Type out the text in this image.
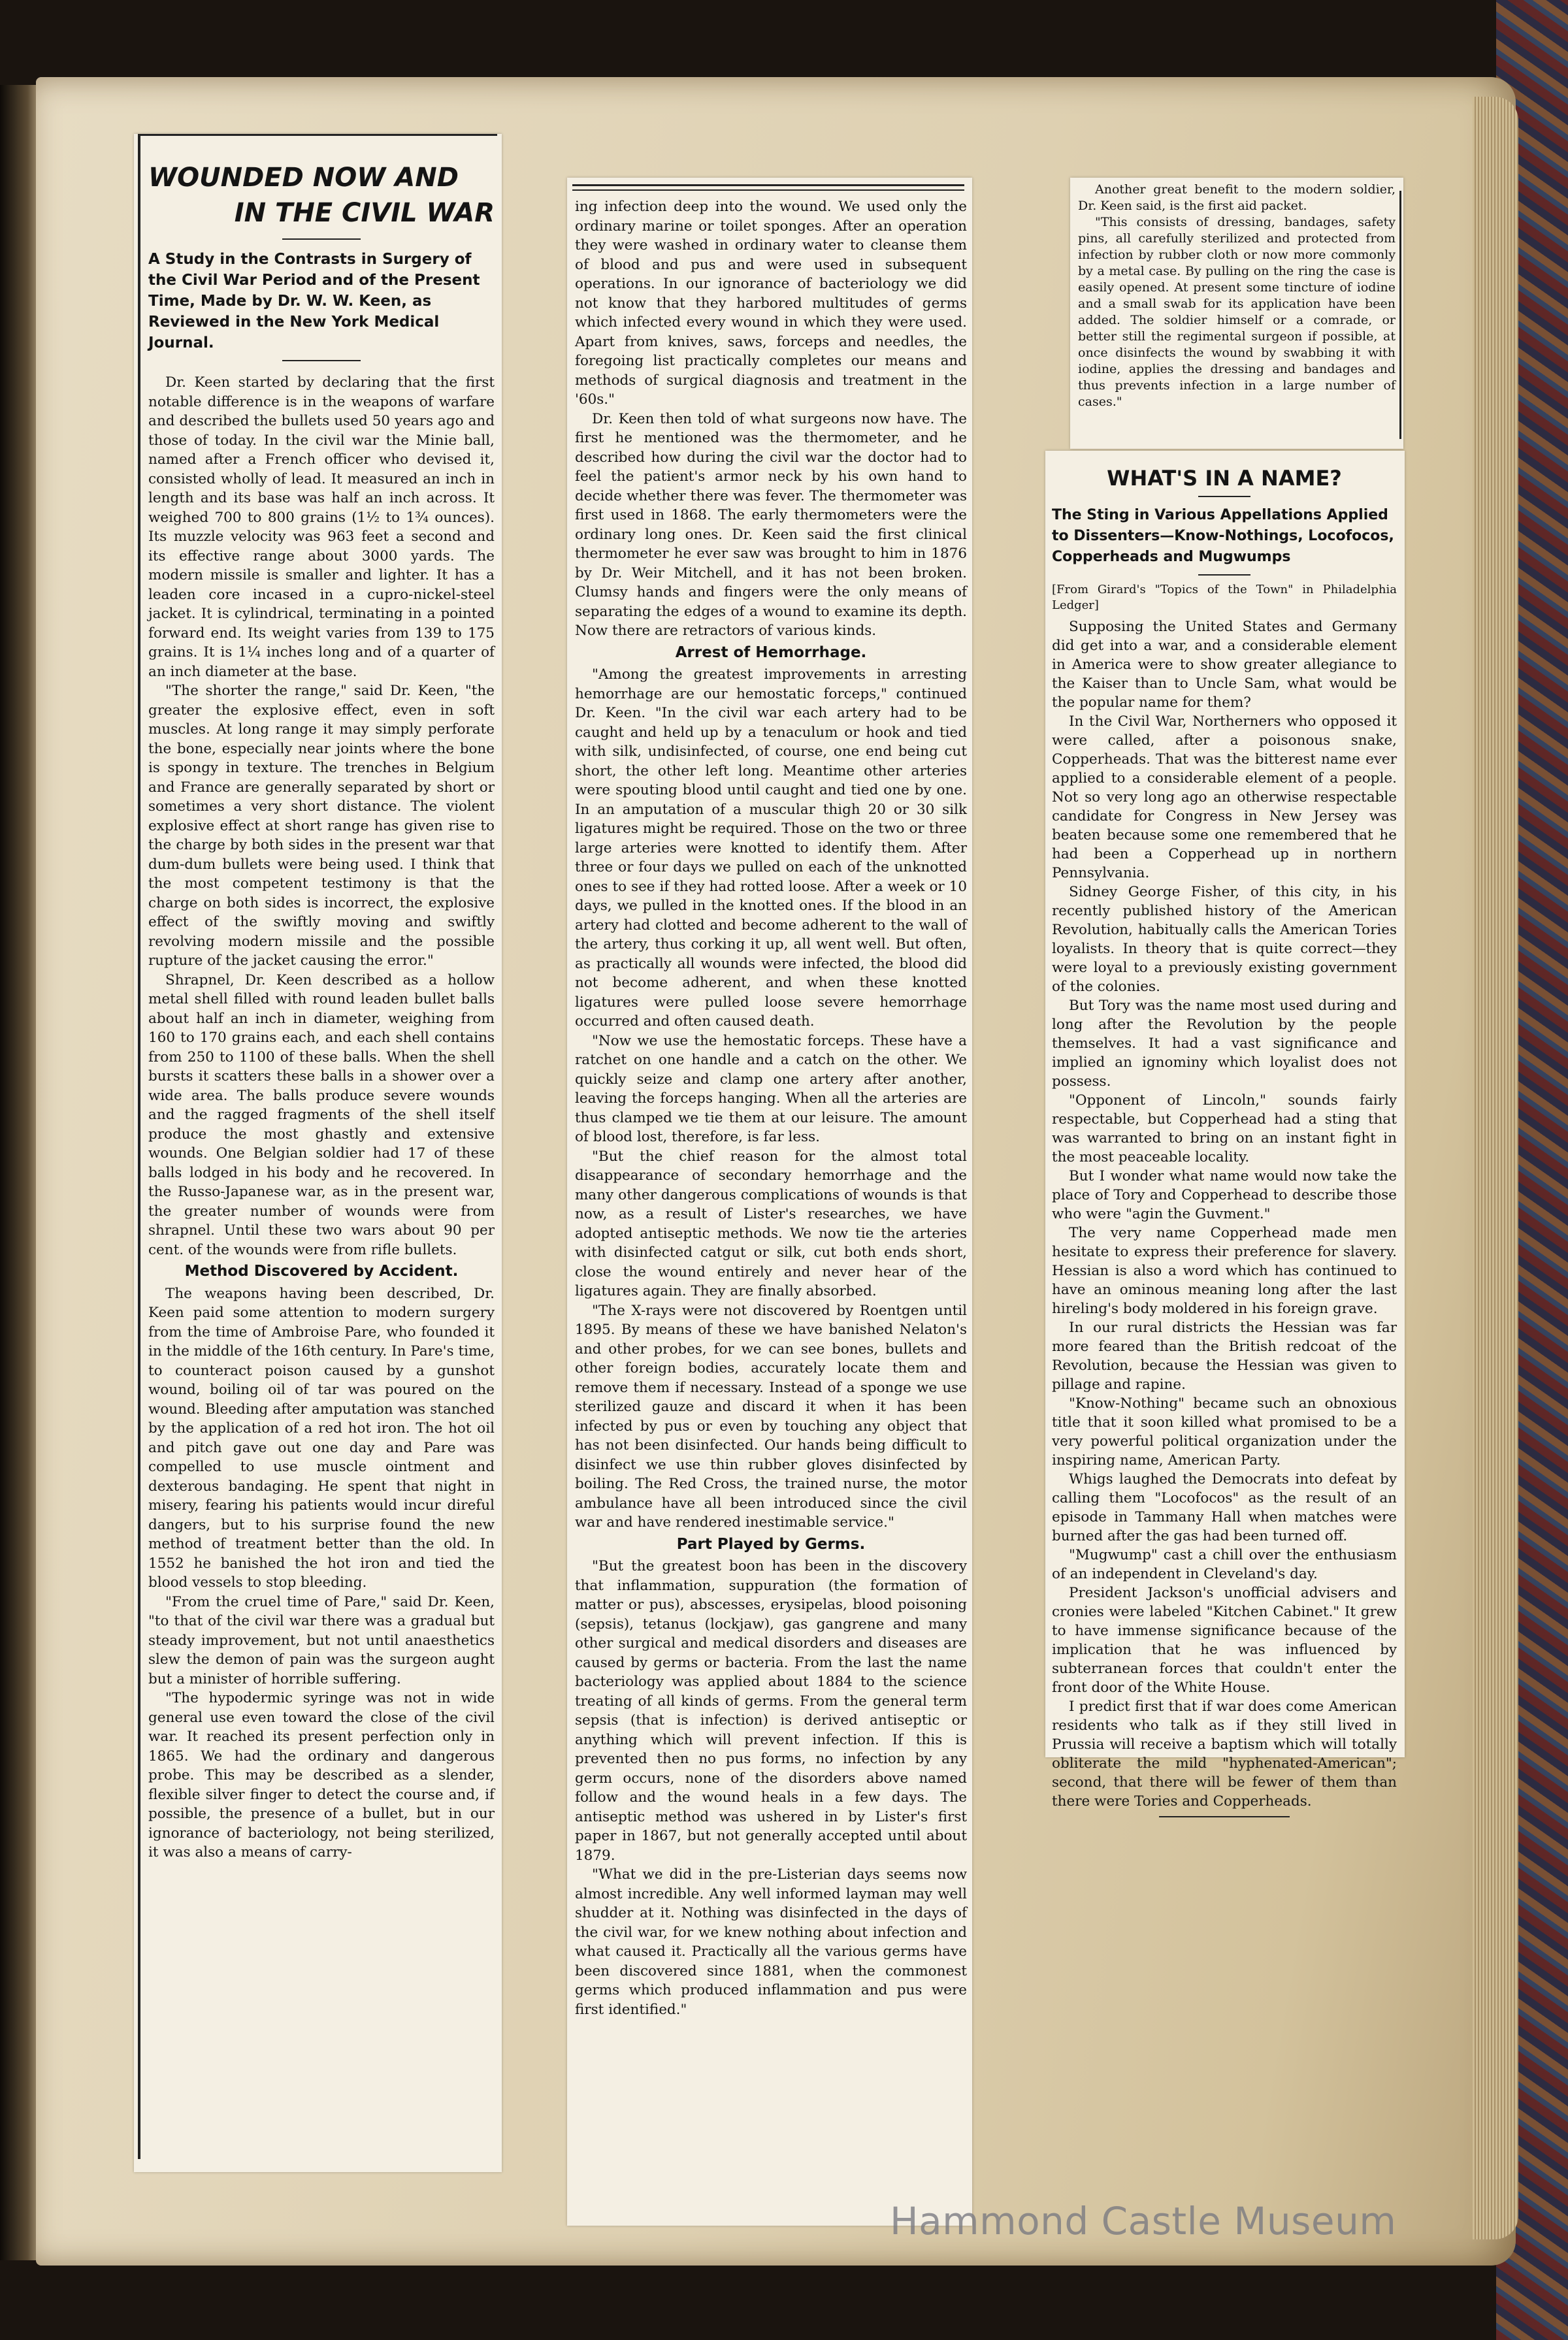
WOUNDED NOW AND
IN THE CIVIL WAR
A Study in the Contrasts in Surgery of the Civil War Period and of the Present Time, Made by Dr. W. W. Keen, as Reviewed in the New York Medical Journal.

Dr. Keen started by declaring that the first notable difference is in the weapons of warfare and described the bullets used 50 years ago and those of today. In the civil war the Minie ball, named after a French officer who devised it, consisted wholly of lead. It measured an inch in length and its base was half an inch across. It weighed 700 to 800 grains (1½ to 1¾ ounces). Its muzzle velocity was 963 feet a second and its effective range about 3000 yards. The modern missile is smaller and lighter. It has a leaden core incased in a cupro-nickel-steel jacket. It is cylindrical, terminating in a pointed forward end. Its weight varies from 139 to 175 grains. It is 1¼ inches long and of a quarter of an inch diameter at the base.

"The shorter the range," said Dr. Keen, "the greater the explosive effect, even in soft muscles. At long range it may simply perforate the bone, especially near joints where the bone is spongy in texture. The trenches in Belgium and France are generally separated by short or sometimes a very short distance. The violent explosive effect at short range has given rise to the charge by both sides in the present war that dum-dum bullets were being used. I think that the most competent testimony is that the charge on both sides is incorrect, the explosive effect of the swiftly moving and swiftly revolving modern missile and the possible rupture of the jacket causing the error."

Shrapnel, Dr. Keen described as a hollow metal shell filled with round leaden bullet balls about half an inch in diameter, weighing from 160 to 170 grains each, and each shell contains from 250 to 1100 of these balls. When the shell bursts it scatters these balls in a shower over a wide area. The balls produce severe wounds and the ragged fragments of the shell itself produce the most ghastly and extensive wounds. One Belgian soldier had 17 of these balls lodged in his body and he recovered. In the Russo-Japanese war, as in the present war, the greater number of wounds were from shrapnel. Until these two wars about 90 per cent. of the wounds were from rifle bullets.

Method Discovered by Accident.

The weapons having been described, Dr. Keen paid some attention to modern surgery from the time of Ambroise Pare, who founded it in the middle of the 16th century. In Pare's time, to counteract poison caused by a gunshot wound, boiling oil of tar was poured on the wound. Bleeding after amputation was stanched by the application of a red hot iron. The hot oil and pitch gave out one day and Pare was compelled to use muscle ointment and dexterous bandaging. He spent that night in misery, fearing his patients would incur direful dangers, but to his surprise found the new method of treatment better than the old. In 1552 he banished the hot iron and tied the blood vessels to stop bleeding.

"From the cruel time of Pare," said Dr. Keen, "to that of the civil war there was a gradual but steady improvement, but not until anaesthetics slew the demon of pain was the surgeon aught but a minister of horrible suffering.

"The hypodermic syringe was not in wide general use even toward the close of the civil war. It reached its present perfection only in 1865. We had the ordinary and dangerous probe. This may be described as a slender, flexible silver finger to detect the course and, if possible, the presence of a bullet, but in our ignorance of bacteriology, not being sterilized, it was also a means of carry-

ing infection deep into the wound. We used only the ordinary marine or toilet sponges. After an operation they were washed in ordinary water to cleanse them of blood and pus and were used in subsequent operations. In our ignorance of bacteriology we did not know that they harbored multitudes of germs which infected every wound in which they were used. Apart from knives, saws, forceps and needles, the foregoing list practically completes our means and methods of surgical diagnosis and treatment in the '60s."

Dr. Keen then told of what surgeons now have. The first he mentioned was the thermometer, and he described how during the civil war the doctor had to feel the patient's armor neck by his own hand to decide whether there was fever. The thermometer was first used in 1868. The early thermometers were the ordinary long ones. Dr. Keen said the first clinical thermometer he ever saw was brought to him in 1876 by Dr. Weir Mitchell, and it has not been broken. Clumsy hands and fingers were the only means of separating the edges of a wound to examine its depth. Now there are retractors of various kinds.

Arrest of Hemorrhage.

"Among the greatest improvements in arresting hemorrhage are our hemostatic forceps," continued Dr. Keen. "In the civil war each artery had to be caught and held up by a tenaculum or hook and tied with silk, undisinfected, of course, one end being cut short, the other left long. Meantime other arteries were spouting blood until caught and tied one by one. In an amputation of a muscular thigh 20 or 30 silk ligatures might be required. Those on the two or three large arteries were knotted to identify them. After three or four days we pulled on each of the unknotted ones to see if they had rotted loose. After a week or 10 days, we pulled in the knotted ones. If the blood in an artery had clotted and become adherent to the wall of the artery, thus corking it up, all went well. But often, as practically all wounds were infected, the blood did not become adherent, and when these knotted ligatures were pulled loose severe hemorrhage occurred and often caused death.

"Now we use the hemostatic forceps. These have a ratchet on one handle and a catch on the other. We quickly seize and clamp one artery after another, leaving the forceps hanging. When all the arteries are thus clamped we tie them at our leisure. The amount of blood lost, therefore, is far less.

"But the chief reason for the almost total disappearance of secondary hemorrhage and the many other dangerous complications of wounds is that now, as a result of Lister's researches, we have adopted antiseptic methods. We now tie the arteries with disinfected catgut or silk, cut both ends short, close the wound entirely and never hear of the ligatures again. They are finally absorbed.

"The X-rays were not discovered by Roentgen until 1895. By means of these we have banished Nelaton's and other probes, for we can see bones, bullets and other foreign bodies, accurately locate them and remove them if necessary. Instead of a sponge we use sterilized gauze and discard it when it has been infected by pus or even by touching any object that has not been disinfected. Our hands being difficult to disinfect we use thin rubber gloves disinfected by boiling. The Red Cross, the trained nurse, the motor ambulance have all been introduced since the civil war and have rendered inestimable service."

Part Played by Germs.

"But the greatest boon has been in the discovery that inflammation, suppuration (the formation of matter or pus), abscesses, erysipelas, blood poisoning (sepsis), tetanus (lockjaw), gas gangrene and many other surgical and medical disorders and diseases are caused by germs or bacteria. From the last the name bacteriology was applied about 1884 to the science treating of all kinds of germs. From the general term sepsis (that is infection) is derived antiseptic or anything which will prevent infection. If this is prevented then no pus forms, no infection by any germ occurs, none of the disorders above named follow and the wound heals in a few days. The antiseptic method was ushered in by Lister's first paper in 1867, but not generally accepted until about 1879.

"What we did in the pre-Listerian days seems now almost incredible. Any well informed layman may well shudder at it. Nothing was disinfected in the days of the civil war, for we knew nothing about infection and what caused it. Practically all the various germs have been discovered since 1881, when the commonest germs which produced inflammation and pus were first identified."

Another great benefit to the modern soldier, Dr. Keen said, is the first aid packet.

"This consists of dressing, bandages, safety pins, all carefully sterilized and protected from infection by rubber cloth or now more commonly by a metal case. By pulling on the ring the case is easily opened. At present some tincture of iodine and a small swab for its application have been added. The soldier himself or a comrade, or better still the regimental surgeon if possible, at once disinfects the wound by swabbing it with iodine, applies the dressing and bandages and thus prevents infection in a large number of cases."

WHAT'S IN A NAME?
The Sting in Various Appellations Applied to Dissenters—Know-Nothings, Locofocos, Copperheads and Mugwumps
[From Girard's "Topics of the Town" in Philadelphia Ledger]

Supposing the United States and Germany did get into a war, and a considerable element in America were to show greater allegiance to the Kaiser than to Uncle Sam, what would be the popular name for them?

In the Civil War, Northerners who opposed it were called, after a poisonous snake, Copperheads. That was the bitterest name ever applied to a considerable element of a people. Not so very long ago an otherwise respectable candidate for Congress in New Jersey was beaten because some one remembered that he had been a Copperhead up in northern Pennsylvania.

Sidney George Fisher, of this city, in his recently published history of the American Revolution, habitually calls the American Tories loyalists. In theory that is quite correct—they were loyal to a previously existing government of the colonies.

But Tory was the name most used during and long after the Revolution by the people themselves. It had a vast significance and implied an ignominy which loyalist does not possess.

"Opponent of Lincoln," sounds fairly respectable, but Copperhead had a sting that was warranted to bring on an instant fight in the most peaceable locality.

But I wonder what name would now take the place of Tory and Copperhead to describe those who were "agin the Guvment."

The very name Copperhead made men hesitate to express their preference for slavery. Hessian is also a word which has continued to have an ominous meaning long after the last hireling's body moldered in his foreign grave.

In our rural districts the Hessian was far more feared than the British redcoat of the Revolution, because the Hessian was given to pillage and rapine.

"Know-Nothing" became such an obnoxious title that it soon killed what promised to be a very powerful political organization under the inspiring name, American Party.

Whigs laughed the Democrats into defeat by calling them "Locofocos" as the result of an episode in Tammany Hall when matches were burned after the gas had been turned off.

"Mugwump" cast a chill over the enthusiasm of an independent in Cleveland's day.

President Jackson's unofficial advisers and cronies were labeled "Kitchen Cabinet." It grew to have immense significance because of the implication that he was influenced by subterranean forces that couldn't enter the front door of the White House.

I predict first that if war does come American residents who talk as if they still lived in Prussia will receive a baptism which will totally obliterate the mild "hyphenated-American"; second, that there will be fewer of them than there were Tories and Copperheads.

Hammond Castle Museum
